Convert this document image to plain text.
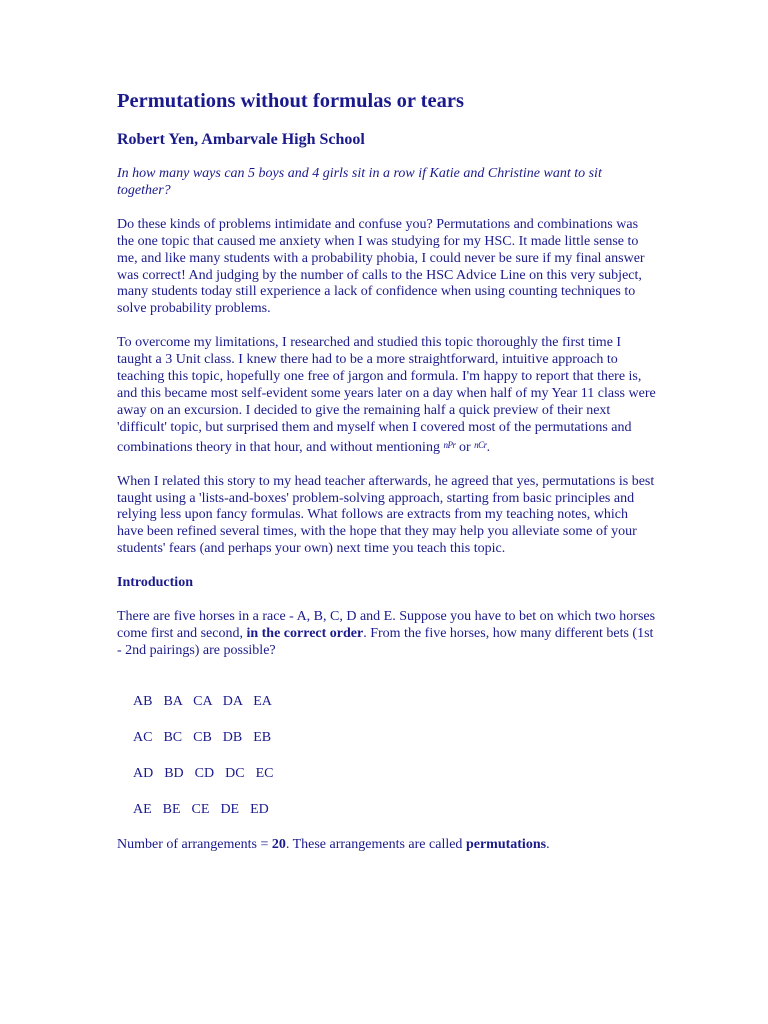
Permutations without formulas or tears
Robert Yen, Ambarvale High School

In how many ways can 5 boys and 4 girls sit in a row if Katie and Christine want to sit together?

Do these kinds of problems intimidate and confuse you? Permutations and combinations was the one topic that caused me anxiety when I was studying for my HSC. It made little sense to me, and like many students with a probability phobia, I could never be sure if my final answer was correct! And judging by the number of calls to the HSC Advice Line on this very subject, many students today still experience a lack of confidence when using counting techniques to solve probability problems.

To overcome my limitations, I researched and studied this topic thoroughly the first time I taught a 3 Unit class. I knew there had to be a more straightforward, intuitive approach to teaching this topic, hopefully one free of jargon and formula. I'm happy to report that there is, and this became most self-evident some years later on a day when half of my Year 11 class were away on an excursion. I decided to give the remaining half a quick preview of their next 'difficult' topic, but surprised them and myself when I covered most of the permutations and combinations theory in that hour, and without mentioning nPr or nCr.

When I related this story to my head teacher afterwards, he agreed that yes, permutations is best taught using a 'lists-and-boxes' problem-solving approach, starting from basic principles and relying less upon fancy formulas. What follows are extracts from my teaching notes, which have been refined several times, with the hope that they may help you alleviate some of your students' fears (and perhaps your own) next time you teach this topic.

Introduction

There are five horses in a race - A, B, C, D and E. Suppose you have to bet on which two horses come first and second, in the correct order. From the five horses, how many different bets (1st - 2nd pairings) are possible?

AB  BA  CA  DA  EA
AC  BC  CB  DB  EB
AD  BD  CD  DC  EC
AE  BE  CE  DE  ED

Number of arrangements = 20. These arrangements are called permutations.
